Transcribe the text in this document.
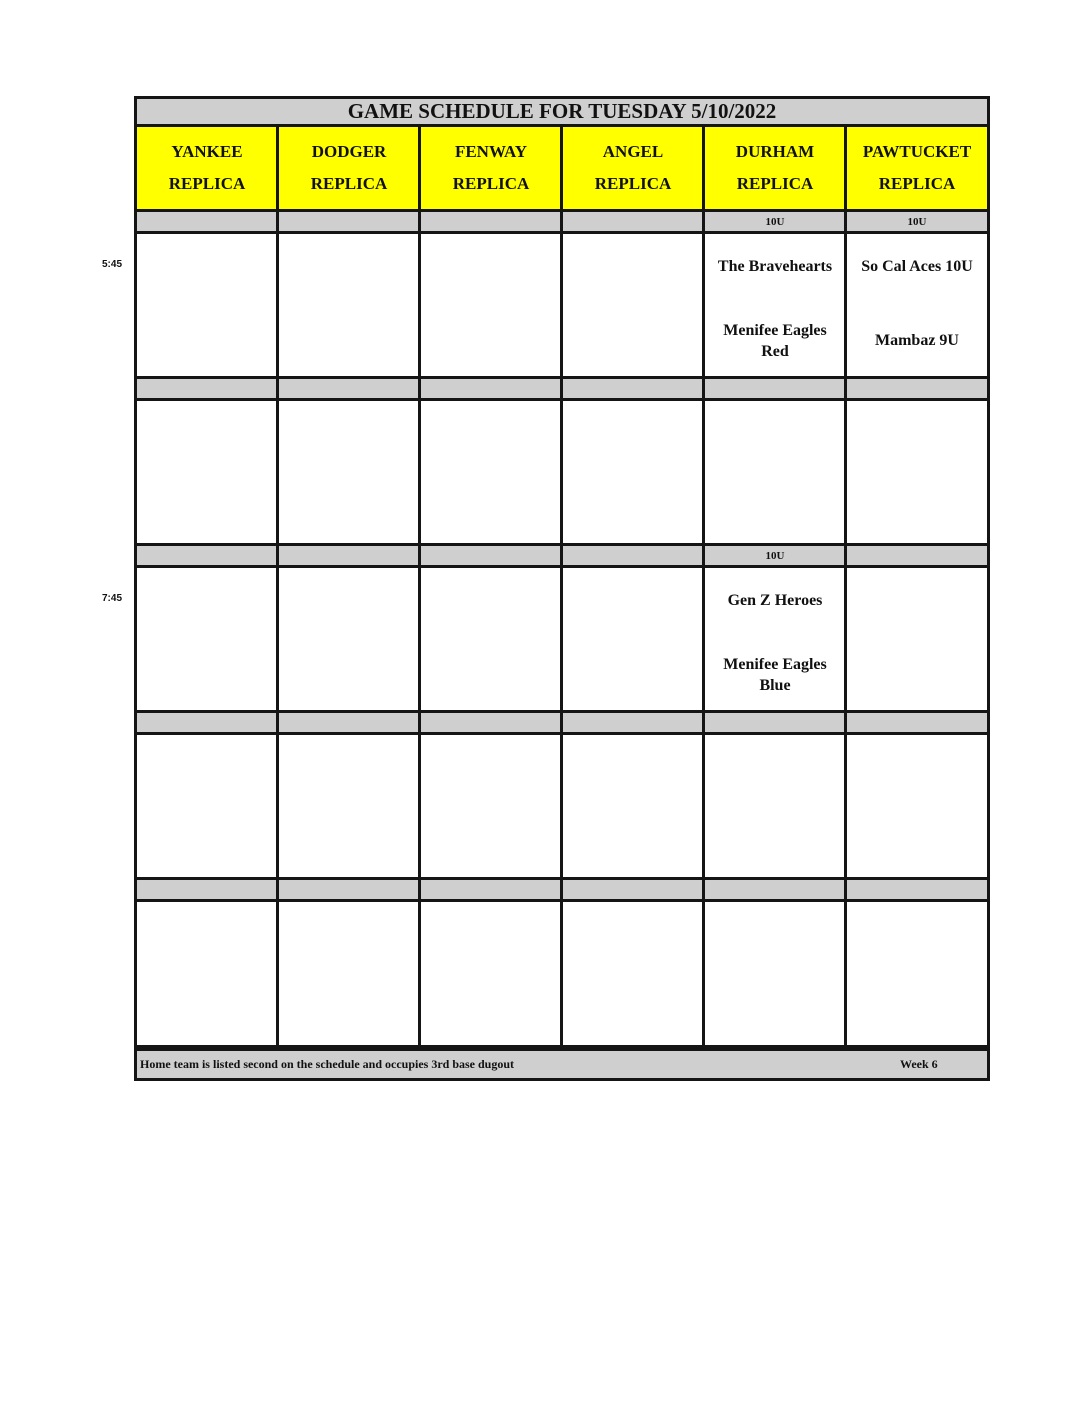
GAME SCHEDULE FOR TUESDAY 5/10/2022
YANKEE
REPLICA
DODGER
REPLICA
FENWAY
REPLICA
ANGEL
REPLICA
DURHAM
REPLICA
PAWTUCKET
REPLICA
10U
The Bravehearts
Menifee Eagles Red
10U
So Cal Aces 10U
Mambaz 9U
10U
Gen Z Heroes
Menifee Eagles Blue
Home team is listed second on the schedule and occupies 3rd base dugout	Week 6
5:45
7:45
